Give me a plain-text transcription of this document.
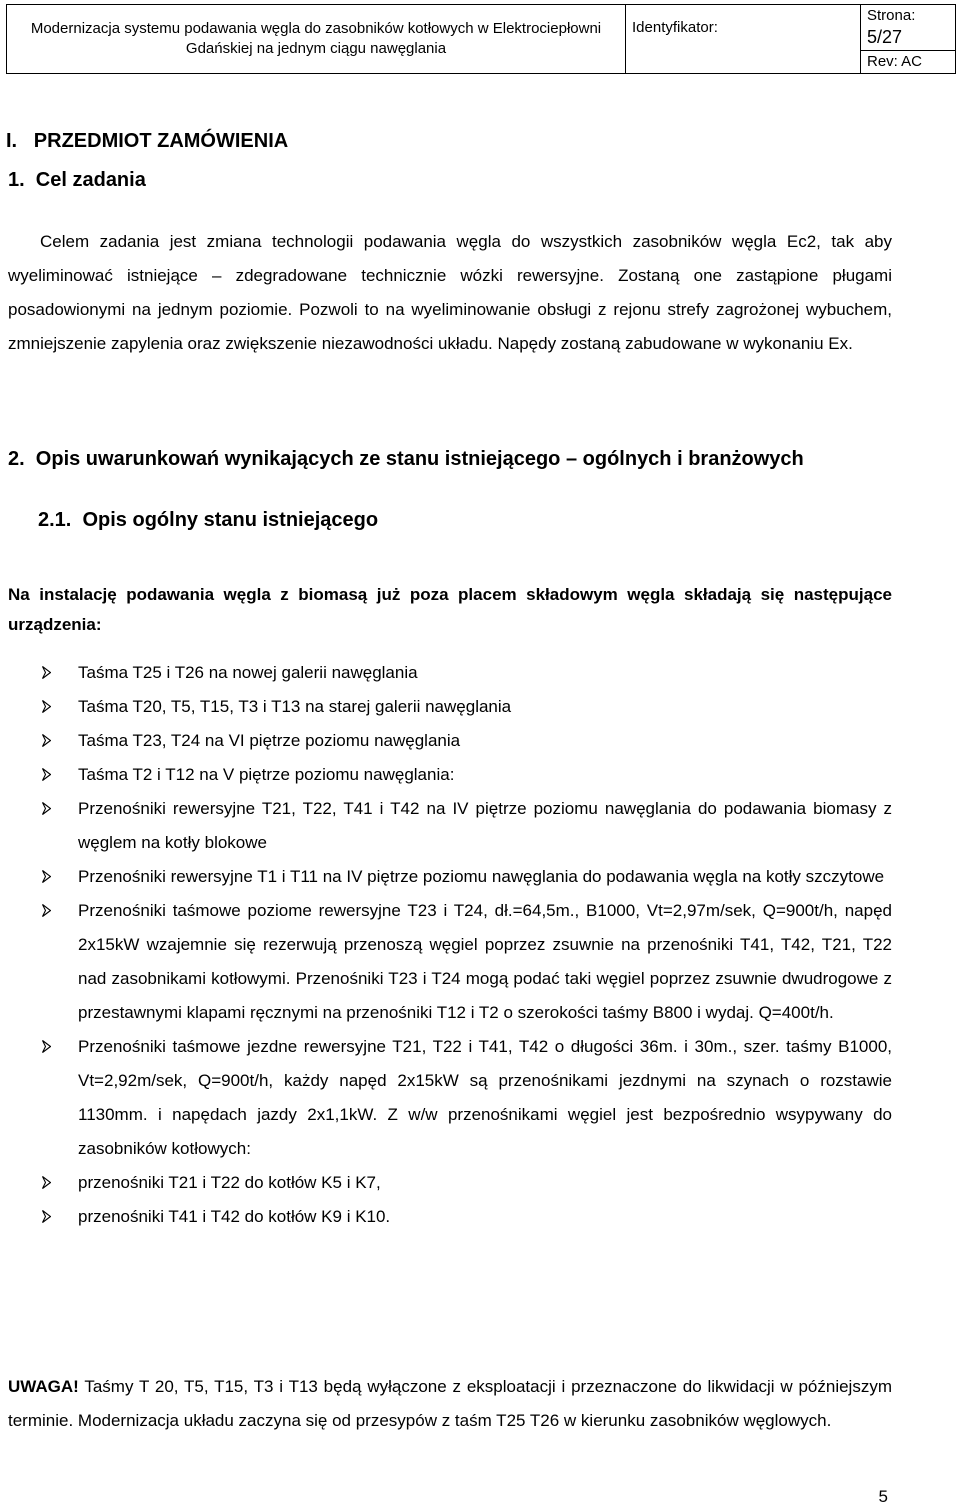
Modernizacja systemu podawania węgla do zasobników kotłowych w Elektrociepłowni
Gdańskiej na jednym ciągu nawęglania
	Identyfikator:	
Strona:
5/27
Rev: AC
I.   PRZEDMIOT ZAMÓWIENIA
1.  Cel zadania
Celem zadania jest zmiana technologii podawania węgla do wszystkich zasobników węgla Ec2, tak aby wyeliminować istniejące – zdegradowane technicznie wózki rewersyjne. Zostaną one zastąpione pługami posadowionymi na jednym poziomie. Pozwoli to na wyeliminowanie obsługi z rejonu strefy zagrożonej wybuchem, zmniejszenie zapylenia oraz zwiększenie niezawodności układu. Napędy zostaną zabudowane w wykonaniu Ex.
2.  Opis uwarunkowań wynikających ze stanu istniejącego – ogólnych i branżowych
2.1.  Opis ogólny stanu istniejącego
Na instalację podawania węgla z biomasą już poza placem składowym węgla składają się następujące urządzenia:
Taśma T25 i T26 na nowej galerii nawęglania
Taśma T20, T5, T15, T3 i T13 na starej galerii nawęglania
Taśma T23, T24 na VI piętrze poziomu nawęglania
Taśma T2 i T12 na V piętrze poziomu nawęglania:
Przenośniki rewersyjne T21, T22, T41 i T42 na IV piętrze poziomu nawęglania do podawania biomasy z węglem na kotły blokowe
Przenośniki rewersyjne T1 i T11 na IV piętrze poziomu nawęglania do podawania węgla na kotły szczytowe
Przenośniki taśmowe poziome rewersyjne T23 i T24, dł.=64,5m., B1000, Vt=2,97m/sek, Q=900t/h, napęd 2x15kW wzajemnie się rezerwują przenoszą węgiel poprzez zsuwnie na przenośniki T41, T42, T21, T22 nad zasobnikami kotłowymi. Przenośniki T23 i T24 mogą podać taki węgiel poprzez zsuwnie dwudrogowe z przestawnymi klapami ręcznymi na przenośniki T12 i T2 o szerokości taśmy B800 i wydaj. Q=400t/h.
Przenośniki taśmowe jezdne rewersyjne T21, T22 i T41, T42 o długości 36m. i 30m., szer. taśmy B1000, Vt=2,92m/sek, Q=900t/h, każdy napęd 2x15kW są przenośnikami jezdnymi na szynach o rozstawie 1130mm. i napędach jazdy 2x1,1kW. Z w/w przenośnikami węgiel jest bezpośrednio wsypywany do zasobników kotłowych:
przenośniki T21 i T22 do kotłów K5 i K7,
przenośniki T41 i T42 do kotłów K9 i K10.
UWAGA! Taśmy T 20, T5, T15, T3 i T13 będą wyłączone z eksploatacji i przeznaczone do likwidacji w późniejszym terminie. Modernizacja układu zaczyna się od przesypów z taśm T25 T26 w kierunku zasobników węglowych.
5
